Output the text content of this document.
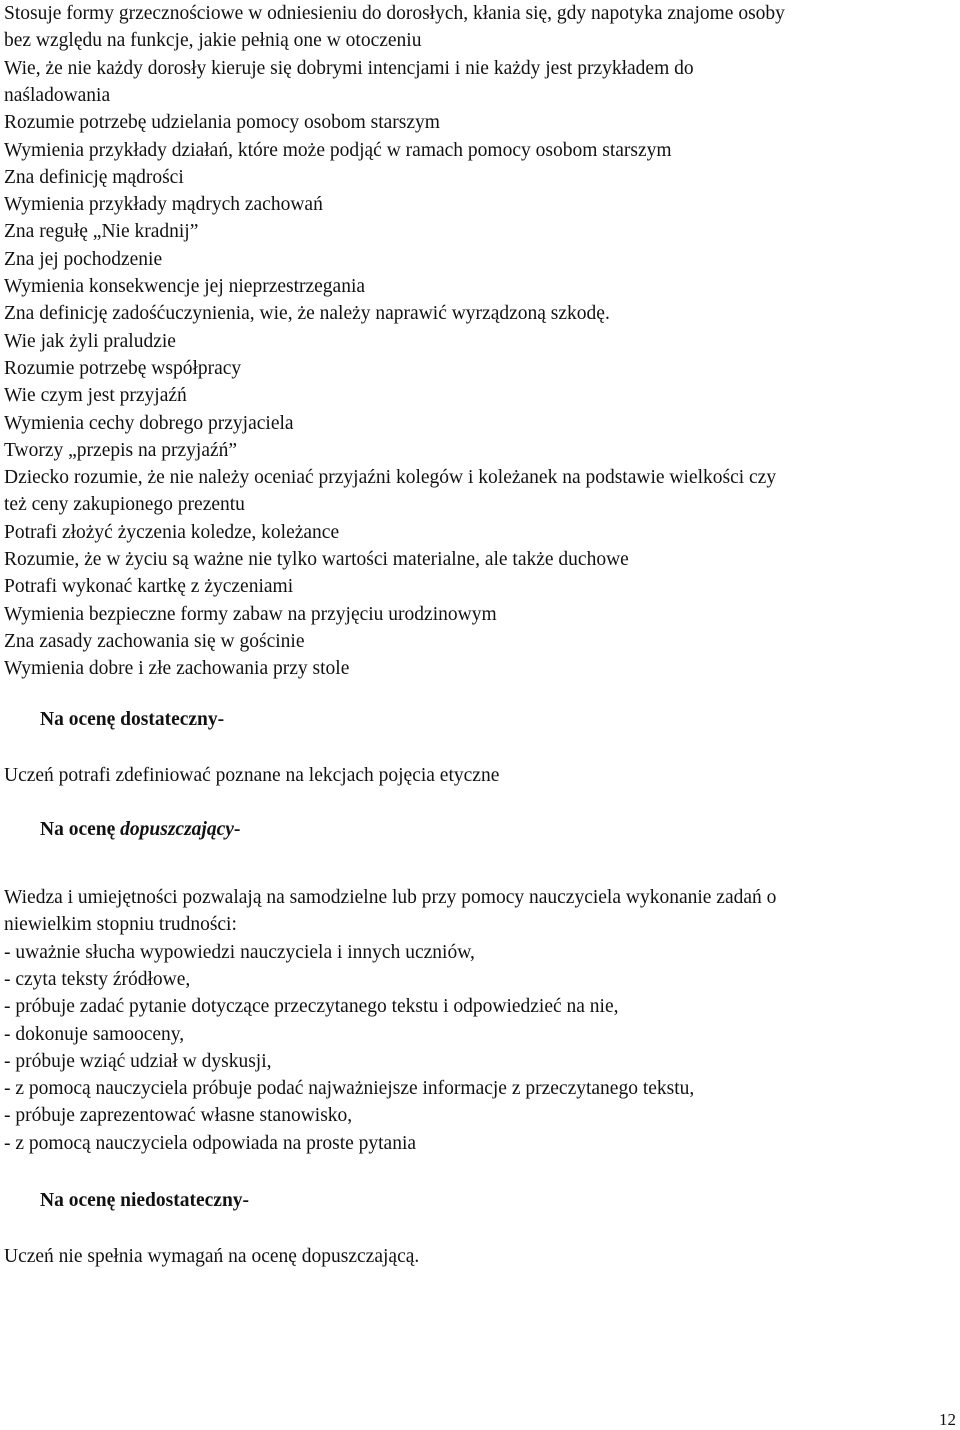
Stosuje formy grzecznościowe w odniesieniu do dorosłych, kłania się, gdy napotyka znajome osoby
bez względu na funkcje, jakie pełnią one w otoczeniu
Wie, że nie każdy dorosły kieruje się dobrymi intencjami i nie każdy jest przykładem do
naśladowania
Rozumie potrzebę udzielania pomocy osobom starszym
Wymienia przykłady działań, które może podjąć w ramach pomocy osobom starszym
Zna definicję mądrości
Wymienia przykłady mądrych zachowań
Zna regułę „Nie kradnij”
Zna jej pochodzenie
Wymienia konsekwencje jej nieprzestrzegania
Zna definicję zadośćuczynienia, wie, że należy naprawić wyrządzoną szkodę.
Wie jak żyli praludzie
Rozumie potrzebę współpracy
Wie czym jest przyjaźń
Wymienia cechy dobrego przyjaciela
Tworzy „przepis na przyjaźń”
Dziecko rozumie, że nie należy oceniać przyjaźni kolegów i koleżanek na podstawie wielkości czy
też ceny zakupionego prezentu
Potrafi złożyć życzenia koledze, koleżance
Rozumie, że w życiu są ważne nie tylko wartości materialne, ale także duchowe
Potrafi wykonać kartkę z życzeniami
Wymienia bezpieczne formy zabaw na przyjęciu urodzinowym
Zna zasady zachowania się w gościnie
Wymienia dobre i złe zachowania przy stole
Na ocenę dostateczny-
Uczeń potrafi zdefiniować poznane na lekcjach pojęcia etyczne
Na ocenę dopuszczający-
Wiedza i umiejętności pozwalają na samodzielne lub przy pomocy nauczyciela wykonanie zadań o
niewielkim stopniu trudności:
- uważnie słucha wypowiedzi nauczyciela i innych uczniów,
- czyta teksty źródłowe,
- próbuje zadać pytanie dotyczące przeczytanego tekstu i odpowiedzieć na nie,
- dokonuje samooceny,
- próbuje wziąć udział w dyskusji,
- z pomocą nauczyciela próbuje podać najważniejsze informacje z przeczytanego tekstu,
- próbuje zaprezentować własne stanowisko,
- z pomocą nauczyciela odpowiada na proste pytania
Na ocenę niedostateczny-
Uczeń nie spełnia wymagań na ocenę dopuszczającą.
12
